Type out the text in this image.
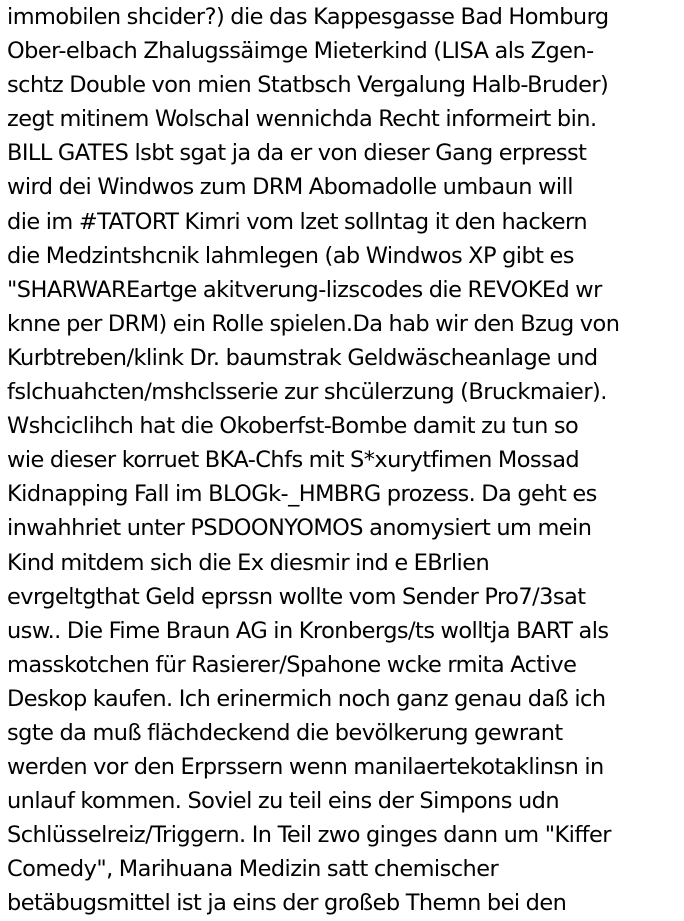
immobilen shcider?) die das Kappesgasse Bad Homburg
Ober-elbach Zhalugssäimge Mieterkind (LISA als Zgen-
schtz Double von mien Statbsch Vergalung Halb-Bruder)
zegt mitinem Wolschal wennichda Recht informeirt bin.
BILL GATES lsbt sgat ja da er von dieser Gang erpresst
wird dei Windwos zum DRM Abomadolle umbaun will
die im #TATORT Kimri vom lzet sollntag it den hackern
die Medzintshcnik lahmlegen (ab Windwos XP gibt es
"SHARWAREartge akitverung-lizscodes die REVOKEd wr
knne per DRM) ein Rolle spielen.Da hab wir den Bzug von
Kurbtreben/klink Dr. baumstrak Geldwäscheanlage und
fslchuahcten/mshclsserie zur shcülerzung (Bruckmaier).
Wshciclihch hat die Okoberfst-Bombe damit zu tun so
wie dieser korruet BKA-Chfs mit S*xurytfimen Mossad
Kidnapping Fall im BLOGk-_HMBRG prozess. Da geht es
inwahhriet unter PSDOONYOMOS anomysiert um mein
Kind mitdem sich die Ex diesmir ind e EBrlien
evrgeltgthat Geld eprssn wollte vom Sender Pro7/3sat
usw.. Die Fime Braun AG in Kronbergs/ts wolltja BART als
masskotchen für Rasierer/Spahone wcke rmita Active
Deskop kaufen. Ich erinermich noch ganz genau daß ich
sgte da muß flächdeckend die bevölkerung gewrant
werden vor den Erprssern wenn manilaertekotaklinsn in
unlauf kommen. Soviel zu teil eins der Simpons udn
Schlüsselreiz/Triggern. In Teil zwo ginges dann um "Kiffer
Comedy", Marihuana Medizin satt chemischer
betäbugsmittel ist ja eins der großeb Themn bei den
